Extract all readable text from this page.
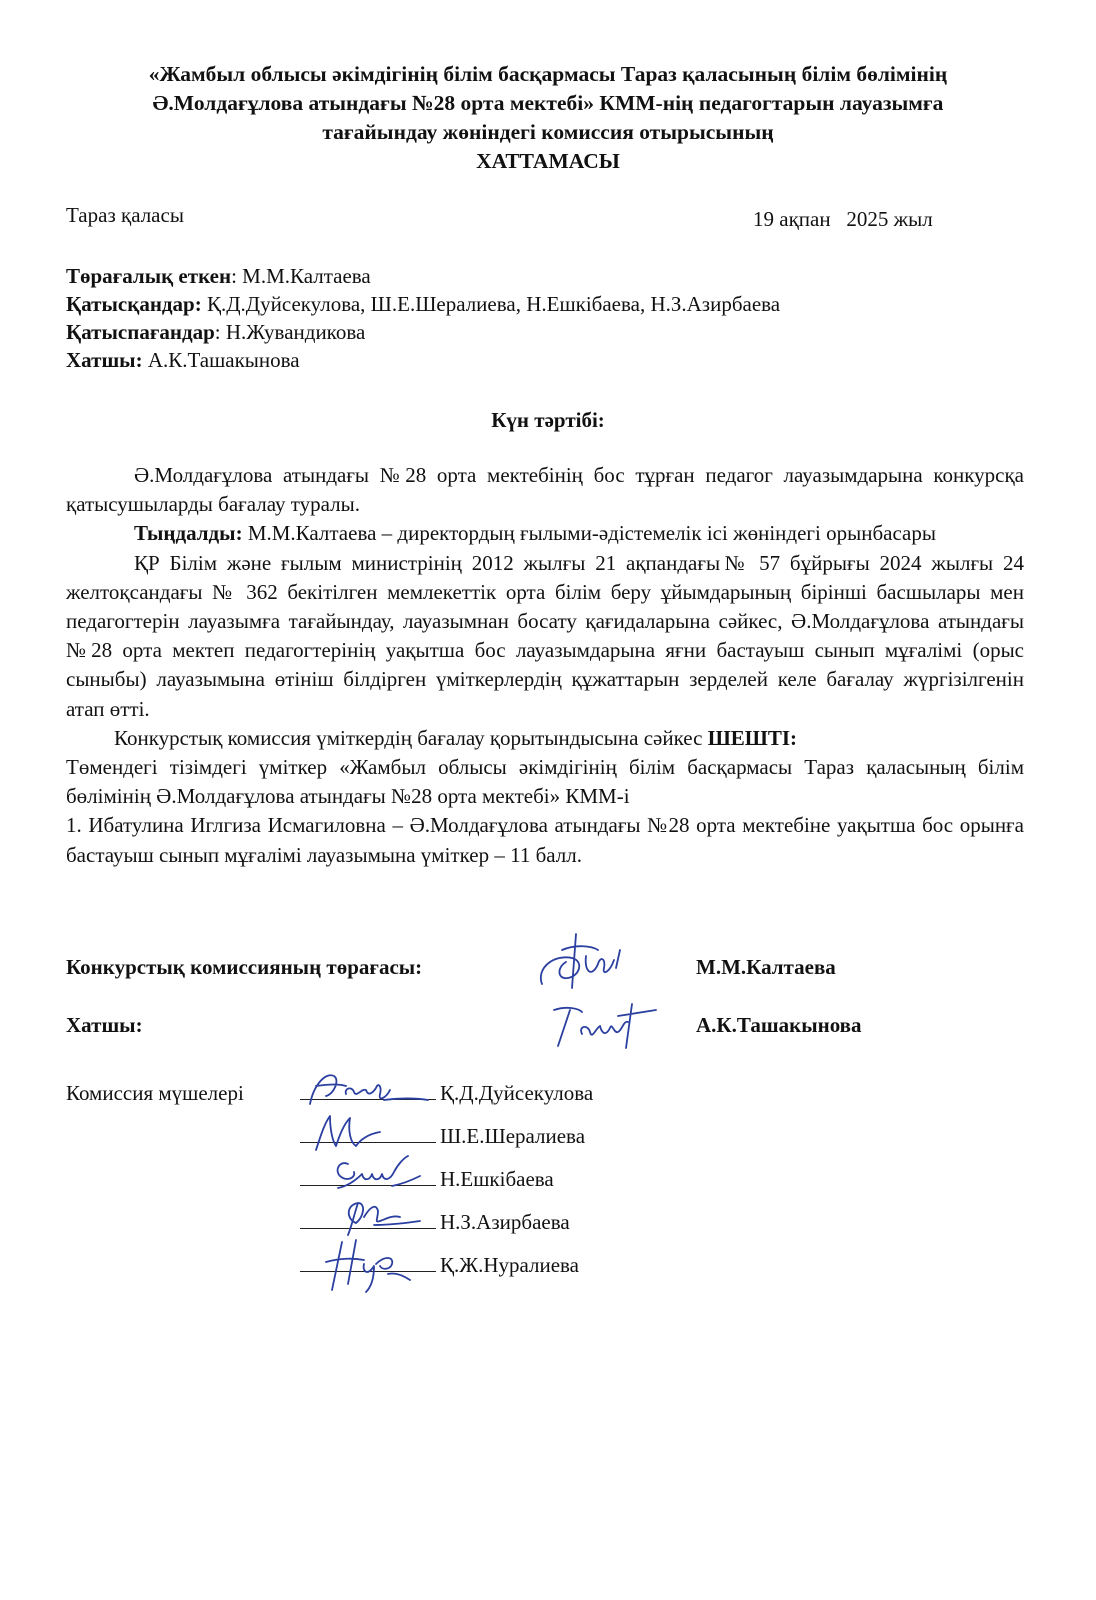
«Жамбыл облысы әкімдігінің білім басқармасы Тараз қаласының білім бөлімінің
Ә.Молдағұлова атындағы №28 орта мектебі» КММ-нің педагогтарын лауазымға
тағайындау жөніндегі комиссия отырысының
ХАТТАМАСЫ
Тараз қаласы	19 ақпан   2025 жыл
Төрағалық еткен: М.М.Калтаева
Қатысқандар: Қ.Д.Дуйсекулова, Ш.Е.Шералиева, Н.Ешкібаева, Н.З.Азирбаева
Қатыспағандар: Н.Жувандикова
Хатшы: А.К.Ташакынова
Күн тәртібі:

Ә.Молдағұлова атындағы №28 орта мектебінің бос тұрған педагог лауазымдарына конкурсқа қатысушыларды бағалау туралы.

Тыңдалды: М.М.Калтаева – директордың ғылыми-әдістемелік ісі жөніндегі орынбасары

ҚР Білім және ғылым министрінің 2012 жылғы 21 ақпандағы№ 57 бұйрығы 2024 жылғы 24 желтоқсандағы № 362 бекітілген мемлекеттік орта білім беру ұйымдарының бірінші басшылары мен педагогтерін лауазымға тағайындау, лауазымнан босату қағидаларына сәйкес, Ә.Молдағұлова атындағы №28 орта мектеп педагогтерінің уақытша бос лауазымдарына яғни бастауыш сынып мұғалімі (орыс сыныбы) лауазымына өтініш білдірген үміткерлердің құжаттарын зерделей келе бағалау жүргізілгенін атап өтті.

Конкурстық комиссия үміткердің бағалау қорытындысына сәйкес ШЕШТІ:

Төмендегі тізімдегі үміткер «Жамбыл облысы әкімдігінің білім басқармасы Тараз қаласының білім бөлімінің Ә.Молдағұлова атындағы №28 орта мектебі» КММ-і

1. Ибатулина Иглгиза Исмагиловна – Ә.Молдағұлова атындағы №28 орта мектебіне уақытша бос орынға бастауыш сынып мұғалімі лауазымына үміткер – 11 балл.

Конкурстық комиссияның төрағасы:	М.М.Калтаева
Хатшы:	А.К.Ташакынова
Комиссия мүшелері	Қ.Д.Дуйсекулова
Ш.Е.Шералиева
Н.Ешкібаева
Н.З.Азирбаева
Қ.Ж.Нуралиева
